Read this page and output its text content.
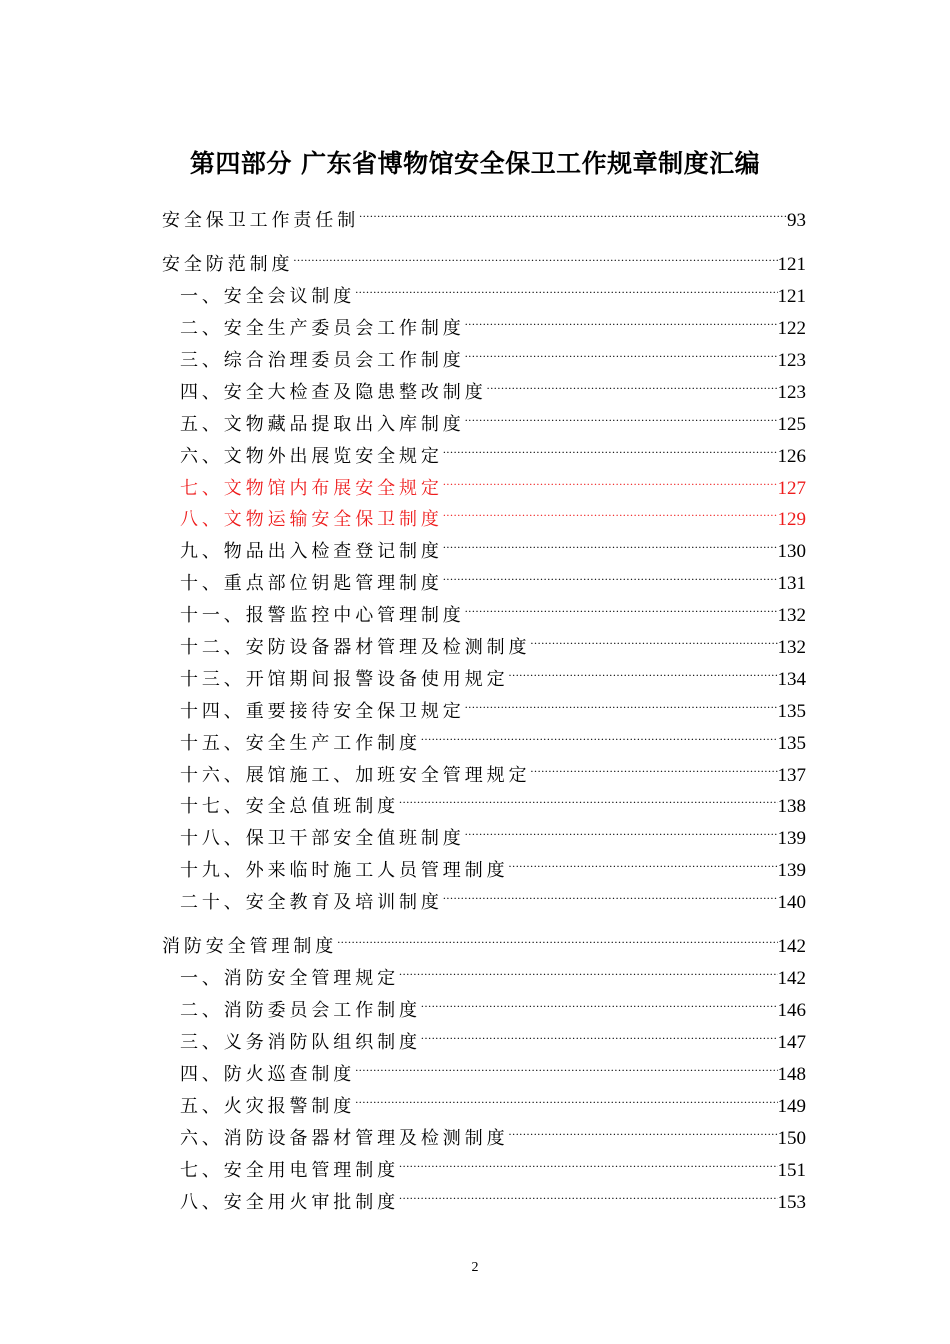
第四部分 广东省博物馆安全保卫工作规章制度汇编
安全保卫工作责任制 .....	93
安全防范制度 .....	121
一、安全会议制度 .....	121
二、安全生产委员会工作制度 .....	122
三、综合治理委员会工作制度 .....	123
四、安全大检查及隐患整改制度 .....	123
五、文物藏品提取出入库制度 .....	125
六、文物外出展览安全规定 .....	126
七、文物馆内布展安全规定 .....	127
八、文物运输安全保卫制度 .....	129
九、物品出入检查登记制度 .....	130
十、重点部位钥匙管理制度 .....	131
十一、报警监控中心管理制度 .....	132
十二、安防设备器材管理及检测制度 .....	132
十三、开馆期间报警设备使用规定 .....	134
十四、重要接待安全保卫规定 .....	135
十五、安全生产工作制度 .....	135
十六、展馆施工、加班安全管理规定 .....	137
十七、安全总值班制度 .....	138
十八、保卫干部安全值班制度 .....	139
十九、外来临时施工人员管理制度 .....	139
二十、安全教育及培训制度 .....	140
消防安全管理制度 .....	142
一、消防安全管理规定 .....	142
二、消防委员会工作制度 .....	146
三、义务消防队组织制度 .....	147
四、防火巡查制度 .....	148
五、火灾报警制度 .....	149
六、消防设备器材管理及检测制度 .....	150
七、安全用电管理制度 .....	151
八、安全用火审批制度 .....	153
2
